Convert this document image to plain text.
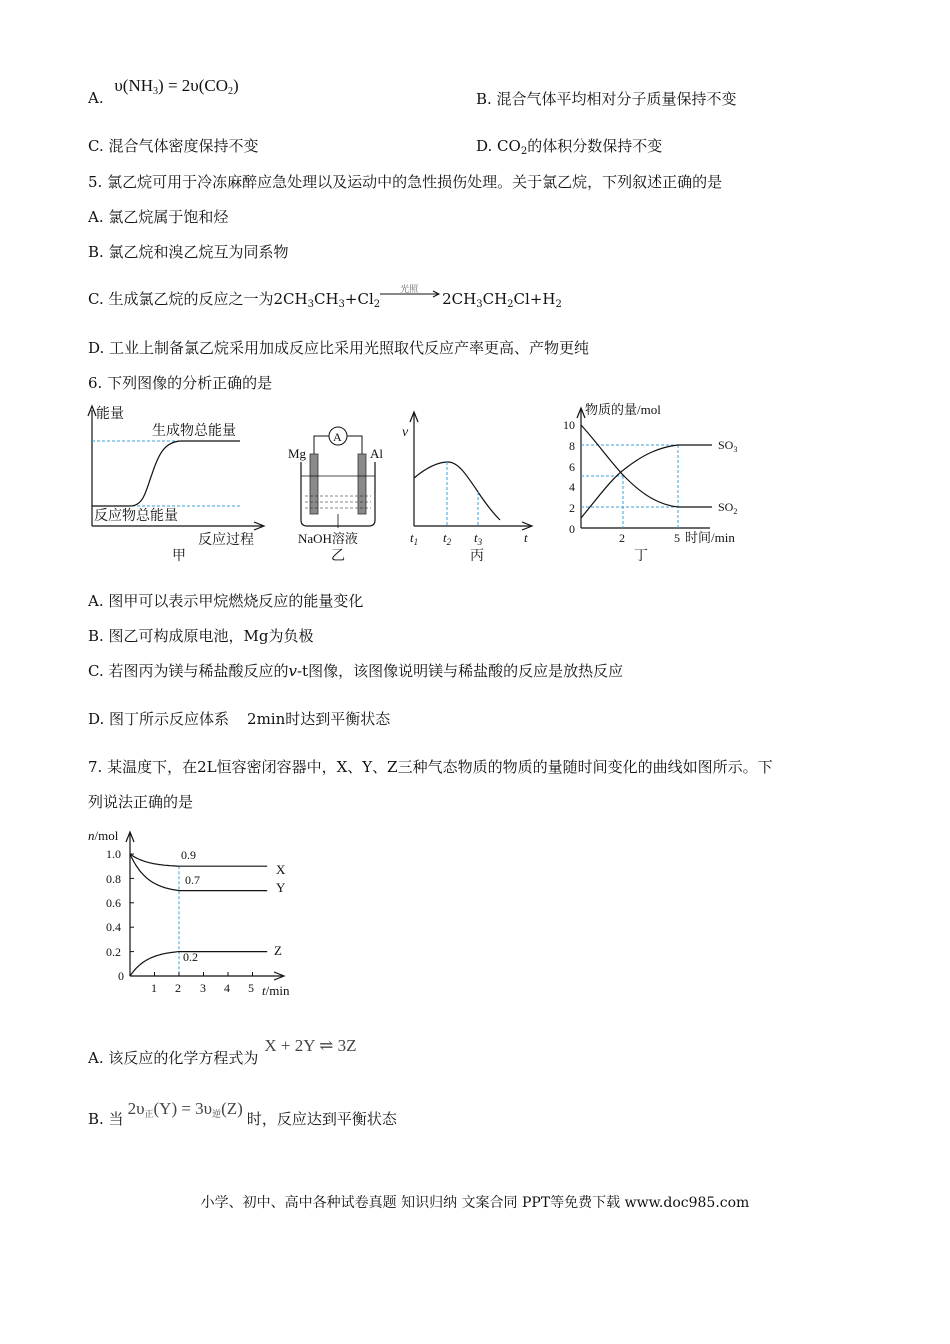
A. $\upsilon(NH_3) = 2\upsilon(CO_2)$
B. 混合气体平均相对分子质量保持不变
C. 混合气体密度保持不变	D. $CO_2$的体积分数保持不变
5. 氯乙烷可用于冷冻麻醉应急处理以及运动中的急性损伤处理。关于氯乙烷，下列叙述正确的是
A. 氯乙烷属于饱和烃
B. 氯乙烷和溴乙烷互为同系物
C. 生成氯乙烷的反应之一为$2CH_3CH_3+Cl_2$
光照 $2CH_3CH_2Cl+H_2$
D. 工业上制备氯乙烷采用加成反应比采用光照取代反应产率更高、产物更纯
6. 下列图像的分析正确的是
能量
生成物总能量
反应物总能量
反应过程
甲
A
Mg	Al
NaOH溶液
乙
v
$t_1$ $t_2$ $t_3$	t
丙
物质的量/mol
0
2
4
6
8
10
2	5 时间/min
$SO_3$
$SO_2$
丁
A. 图甲可以表示甲烷燃烧反应的能量变化
B. 图乙可构成原电池，Mg为负极
C. 若图丙为镁与稀盐酸反应的v-t图像，该图像说明镁与稀盐酸的反应是放热反应
D. 图丁所示反应体系 2min时达到平衡状态
7. 某温度下，在2L恒容密闭容器中，X、Y、Z三种气态物质的物质的量随时间变化的曲线如图所示。下
列说法正确的是
n/mol
0
0.2
0.4
0.6
0.8
1.0
1 2 3 4 5 t/min
0.9
0.7
0.2
X
Y
Z
A. 该反应的化学方程式为X + 2Y ⇌ 3Z
B. 当$2\upsilon_正(Y) = 3\upsilon_逆(Z)$时，反应达到平衡状态
小学、初中、高中各种试卷真题 知识归纳 文案合同 PPT等免费下载 www.doc985.com
